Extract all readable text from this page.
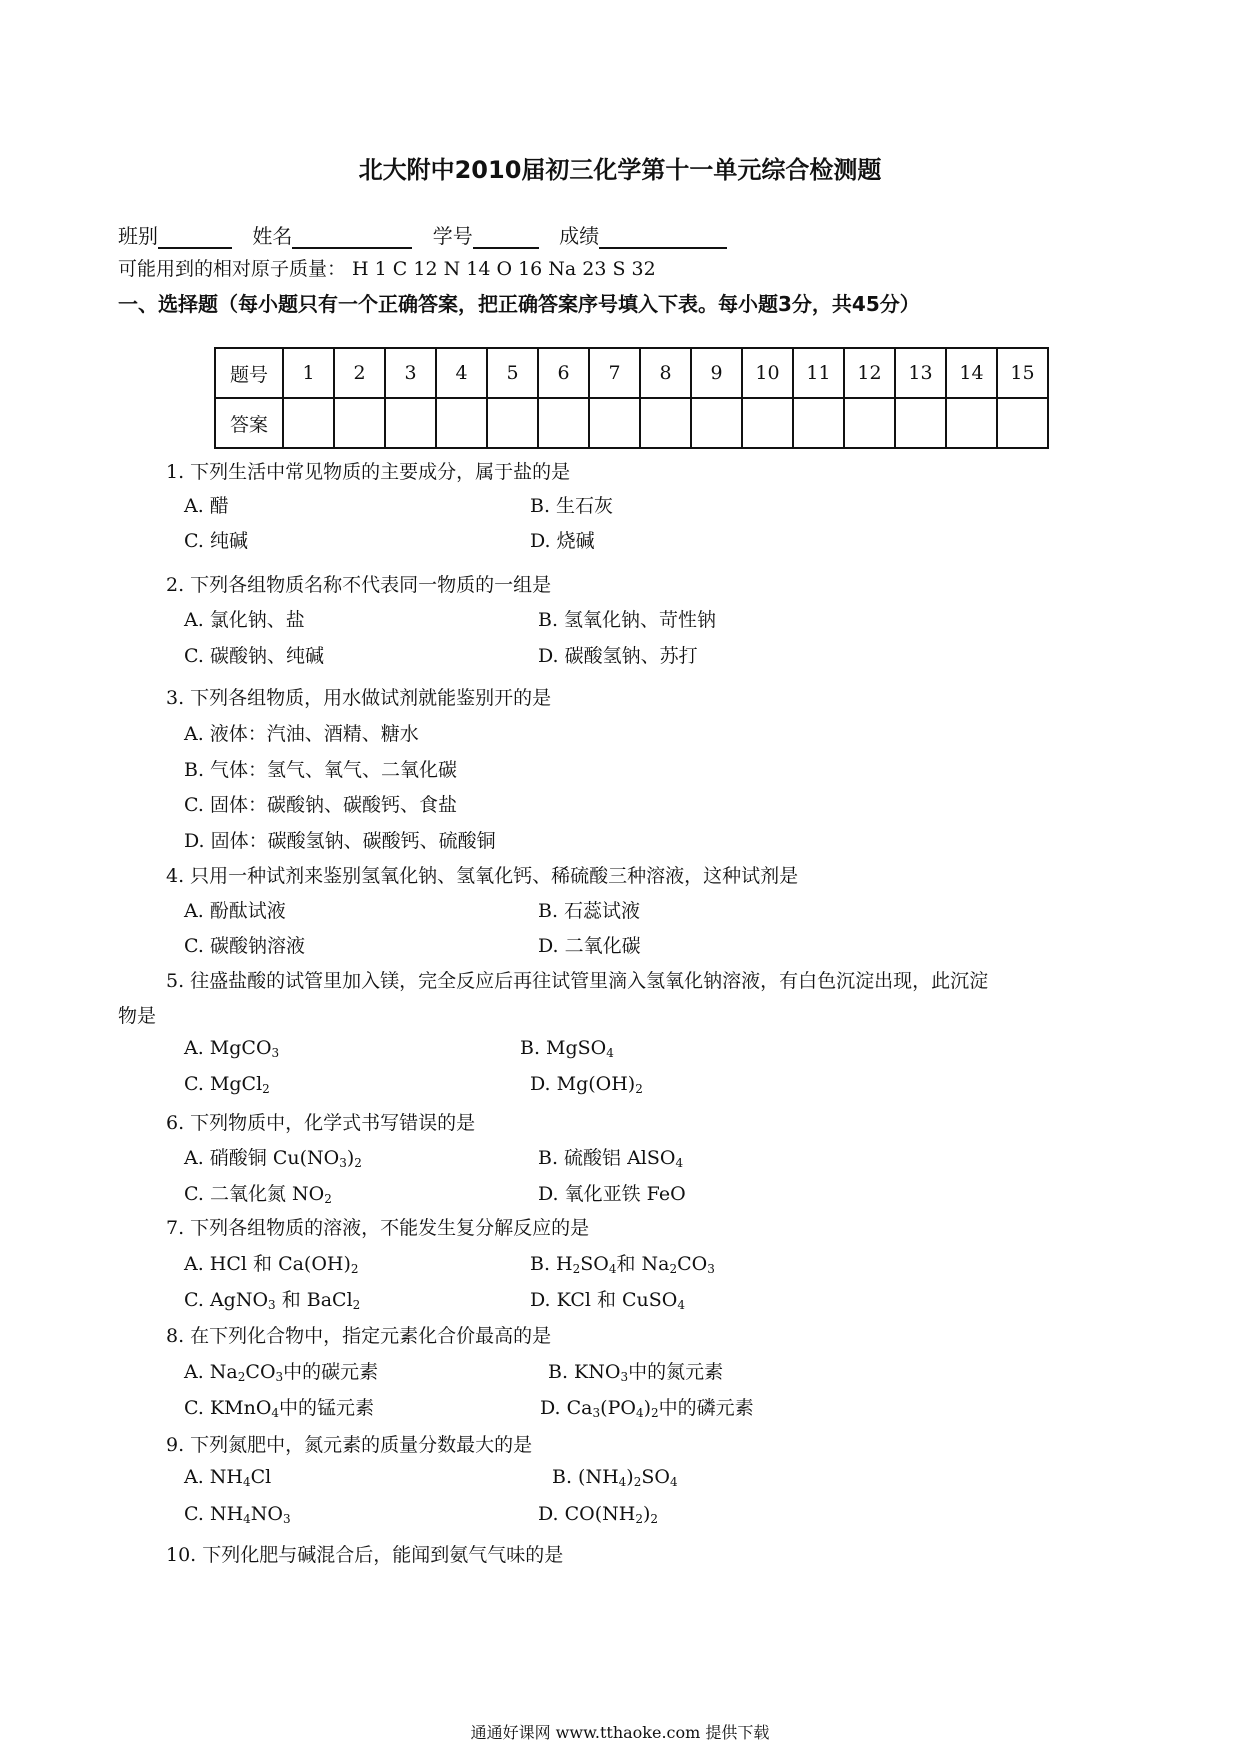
北大附中2010届初三化学第十一单元综合检测题
班别	姓名	学号	成绩
可能用到的相对原子质量： H 1 C 12 N 14 O 16 Na 23 S 32
一、选择题（每小题只有一个正确答案，把正确答案序号填入下表。每小题3分，共45分）
题号	1	2	3	4	5	6	7	8	9	10	11	12	13	14	15
答案															
1. 下列生活中常见物质的主要成分，属于盐的是
A. 醋	B. 生石灰
C. 纯碱	D. 烧碱
2. 下列各组物质名称不代表同一物质的一组是
A. 氯化钠、盐	B. 氢氧化钠、苛性钠
C. 碳酸钠、纯碱	D. 碳酸氢钠、苏打
3. 下列各组物质，用水做试剂就能鉴别开的是
A. 液体：汽油、酒精、糖水
B. 气体：氢气、氧气、二氧化碳
C. 固体：碳酸钠、碳酸钙、食盐
D. 固体：碳酸氢钠、碳酸钙、硫酸铜
4. 只用一种试剂来鉴别氢氧化钠、氢氧化钙、稀硫酸三种溶液，这种试剂是
A. 酚酞试液	B. 石蕊试液
C. 碳酸钠溶液	D. 二氧化碳
5. 往盛盐酸的试管里加入镁，完全反应后再往试管里滴入氢氧化钠溶液，有白色沉淀出现，此沉淀
物是
A. MgCO$_3$	B. MgSO$_4$
C. MgCl$_2$	D. $Mg(OH)_2$
6. 下列物质中，化学式书写错误的是
A. 硝酸铜 $Cu(NO_3)_2$	B. 硫酸铝 AlSO$_4$
C. 二氧化氮 $NO_2$	D. 氧化亚铁 FeO
7. 下列各组物质的溶液，不能发生复分解反应的是
A. HCl 和 $Ca(OH)_2$	B. $H_2SO_4$和 $Na_2CO_3$
C. AgNO$_3$ 和 BaCl$_2$	D. KCl 和 CuSO$_4$
8. 在下列化合物中，指定元素化合价最高的是
A. $Na_2CO_3$中的碳元素	B. $KNO_3$中的氮元素
C. KMnO$_4$中的锰元素	D. $Ca_3(PO_4)_2$中的磷元素
9. 下列氮肥中，氮元素的质量分数最大的是
A. $NH_4Cl$	B. $(NH_4)_2SO_4$
C. $NH_4NO_3$	D. $CO(NH_2)_2$
10. 下列化肥与碱混合后，能闻到氨气气味的是
通通好课网 www.tthaoke.com 提供下载
